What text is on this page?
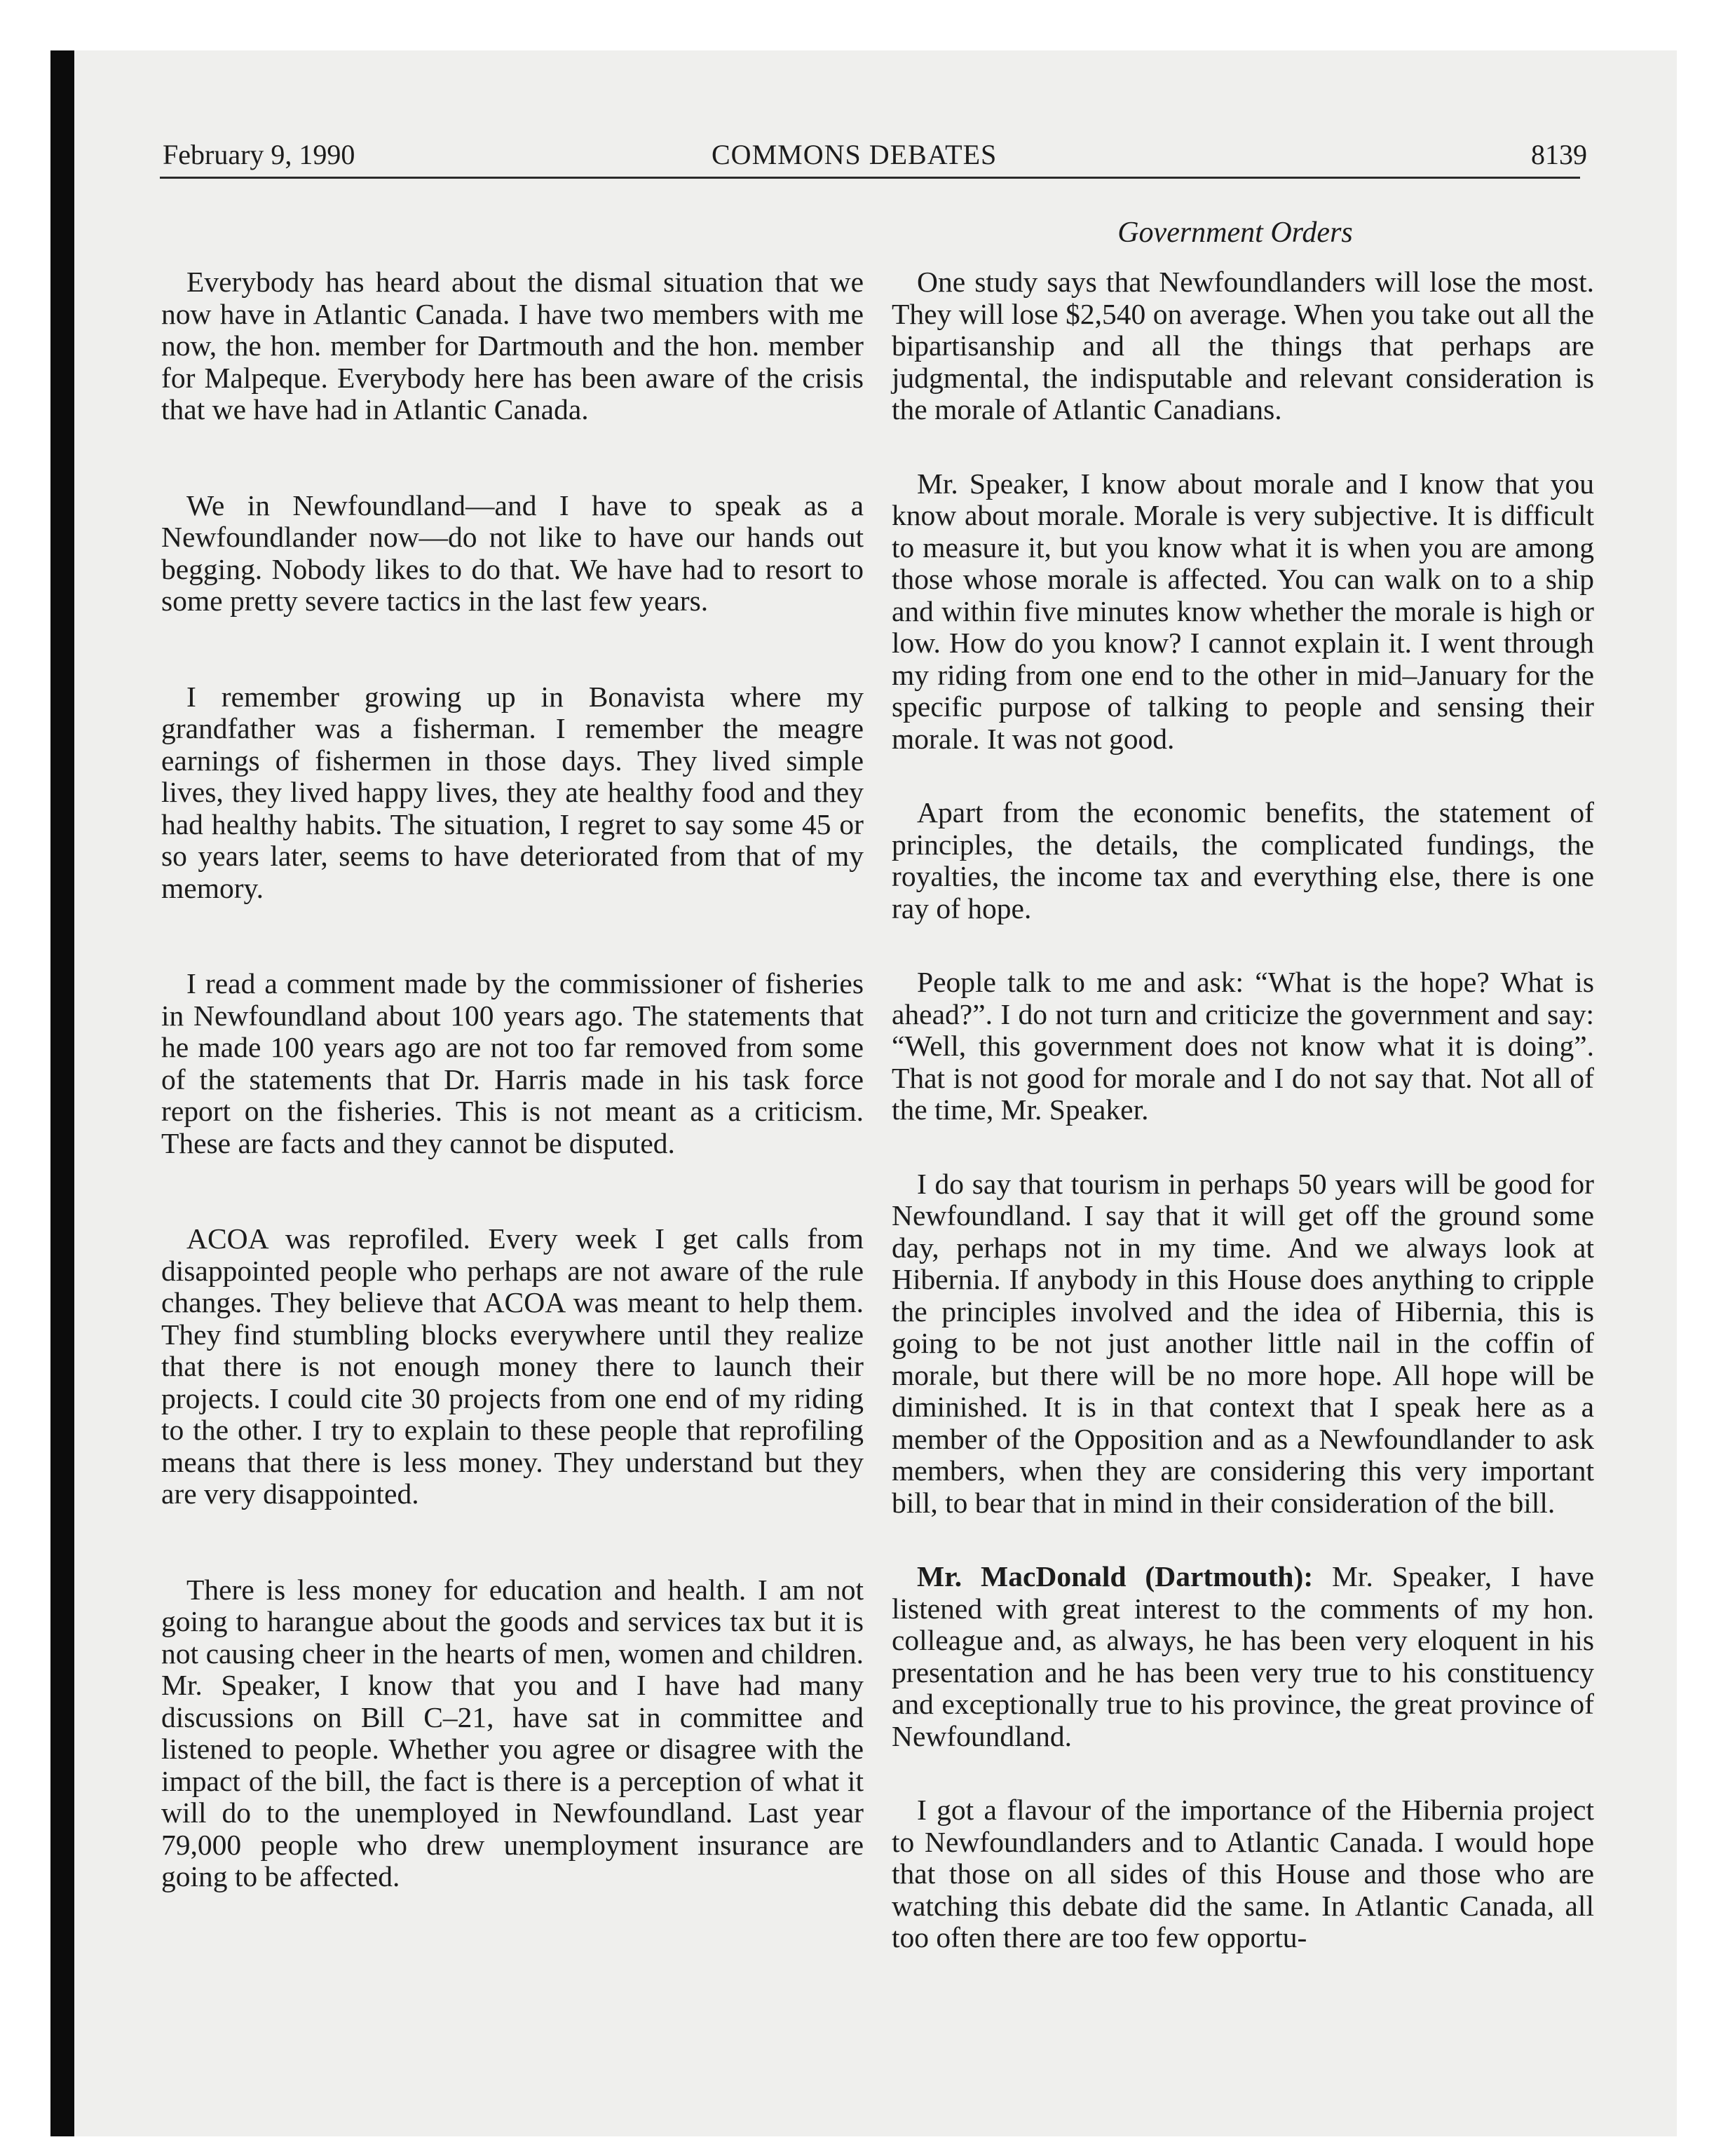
February 9, 1990	COMMONS DEBATES	8139
Government Orders

Everybody has heard about the dismal situation that we now have in Atlantic Canada. I have two members with me now, the hon. member for Dartmouth and the hon. member for Malpeque. Everybody here has been aware of the crisis that we have had in Atlantic Canada.

We in Newfoundland—and I have to speak as a Newfoundlander now—do not like to have our hands out begging. Nobody likes to do that. We have had to resort to some pretty severe tactics in the last few years.

I remember growing up in Bonavista where my grandfather was a fisherman. I remember the meagre earnings of fishermen in those days. They lived simple lives, they lived happy lives, they ate healthy food and they had healthy habits. The situation, I regret to say some 45 or so years later, seems to have deteriorated from that of my memory.

I read a comment made by the commissioner of fisheries in Newfoundland about 100 years ago. The statements that he made 100 years ago are not too far removed from some of the statements that Dr. Harris made in his task force report on the fisheries. This is not meant as a criticism. These are facts and they cannot be disputed.

ACOA was reprofiled. Every week I get calls from disappointed people who perhaps are not aware of the rule changes. They believe that ACOA was meant to help them. They find stumbling blocks everywhere until they realize that there is not enough money there to launch their projects. I could cite 30 projects from one end of my riding to the other. I try to explain to these people that reprofiling means that there is less money. They understand but they are very disappointed.

There is less money for education and health. I am not going to harangue about the goods and services tax but it is not causing cheer in the hearts of men, women and children. Mr. Speaker, I know that you and I have had many discussions on Bill C–21, have sat in committee and listened to people. Whether you agree or disagree with the impact of the bill, the fact is there is a perception of what it will do to the unemployed in Newfoundland. Last year 79,000 people who drew unemployment insurance are going to be affected.

One study says that Newfoundlanders will lose the most. They will lose $2,540 on average. When you take out all the bipartisanship and all the things that perhaps are judgmental, the indisputable and relevant consideration is the morale of Atlantic Canadians.

Mr. Speaker, I know about morale and I know that you know about morale. Morale is very subjective. It is difficult to measure it, but you know what it is when you are among those whose morale is affected. You can walk on to a ship and within five minutes know whether the morale is high or low. How do you know? I cannot explain it. I went through my riding from one end to the other in mid–January for the specific purpose of talking to people and sensing their morale. It was not good.

Apart from the economic benefits, the statement of principles, the details, the complicated fundings, the royalties, the income tax and everything else, there is one ray of hope.

People talk to me and ask: “What is the hope? What is ahead?”. I do not turn and criticize the government and say: “Well, this government does not know what it is doing”. That is not good for morale and I do not say that. Not all of the time, Mr. Speaker.

I do say that tourism in perhaps 50 years will be good for Newfoundland. I say that it will get off the ground some day, perhaps not in my time. And we always look at Hibernia. If anybody in this House does anything to cripple the principles involved and the idea of Hibernia, this is going to be not just another little nail in the coffin of morale, but there will be no more hope. All hope will be diminished. It is in that context that I speak here as a member of the Opposition and as a Newfoundlander to ask members, when they are considering this very important bill, to bear that in mind in their consideration of the bill.

Mr. MacDonald (Dartmouth): Mr. Speaker, I have listened with great interest to the comments of my hon. colleague and, as always, he has been very eloquent in his presentation and he has been very true to his constituency and exceptionally true to his province, the great province of Newfoundland.

I got a flavour of the importance of the Hibernia project to Newfoundlanders and to Atlantic Canada. I would hope that those on all sides of this House and those who are watching this debate did the same. In Atlantic Canada, all too often there are too few opportu-
